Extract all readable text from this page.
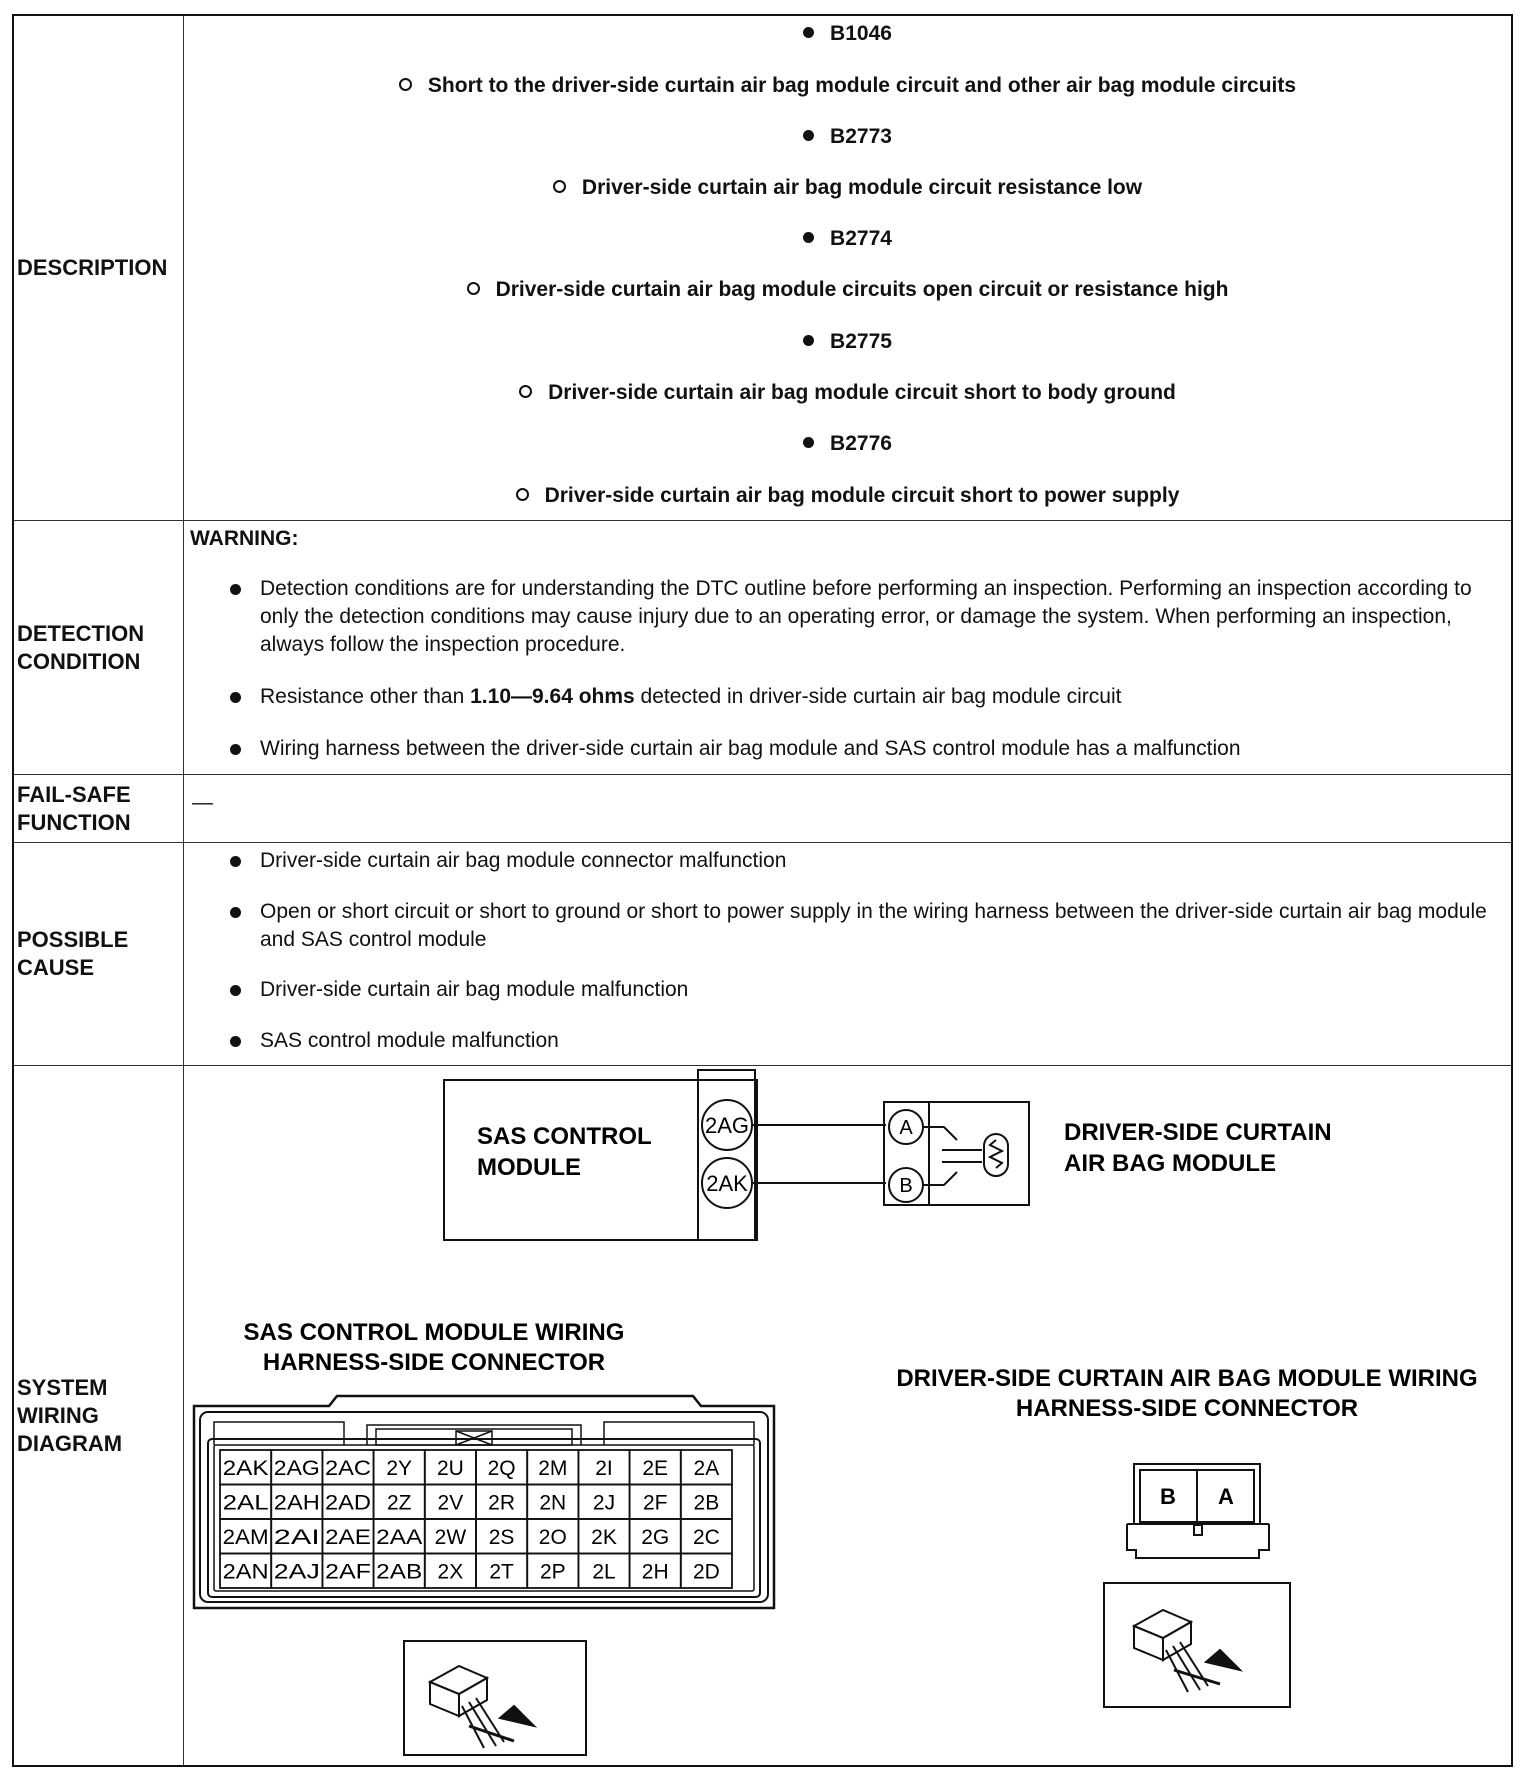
DESCRIPTION
B1046
Short to the driver-side curtain air bag module circuit and other air bag module circuits
B2773
Driver-side curtain air bag module circuit resistance low
B2774
Driver-side curtain air bag module circuits open circuit or resistance high
B2775
Driver-side curtain air bag module circuit short to body ground
B2776
Driver-side curtain air bag module circuit short to power supply
DETECTION
CONDITION
WARNING:
Detection conditions are for understanding the DTC outline before performing an inspection. Performing an inspection according to only the detection conditions may cause injury due to an operating error, or damage the system. When performing an inspection, always follow the inspection procedure.
Resistance other than 1.10—9.64 ohms detected in driver-side curtain air bag module circuit
Wiring harness between the driver-side curtain air bag module and SAS control module has a malfunction
FAIL-SAFE
FUNCTION
—
POSSIBLE
CAUSE
Driver-side curtain air bag module connector malfunction
Open or short circuit or short to ground or short to power supply in the wiring harness between the driver-side curtain air bag module and SAS control module
Driver-side curtain air bag module malfunction
SAS control module malfunction
SYSTEM
WIRING
DIAGRAM
SAS CONTROL
MODULE
2AG
2AK
A
B
DRIVER-SIDE CURTAIN
AIR BAG MODULE
SAS CONTROL MODULE WIRING
HARNESS-SIDE CONNECTOR
2AK 2AG 2AC 2Y 2U 2Q 2M 2I 2E 2A
2AL 2AH 2AD 2Z 2V 2R 2N 2J 2F 2B
2AM 2AI 2AE 2AA 2W 2S 2O 2K 2G 2C
2AN 2AJ 2AF 2AB 2X 2T 2P 2L 2H 2D
DRIVER-SIDE CURTAIN AIR BAG MODULE WIRING
HARNESS-SIDE CONNECTOR
B A
